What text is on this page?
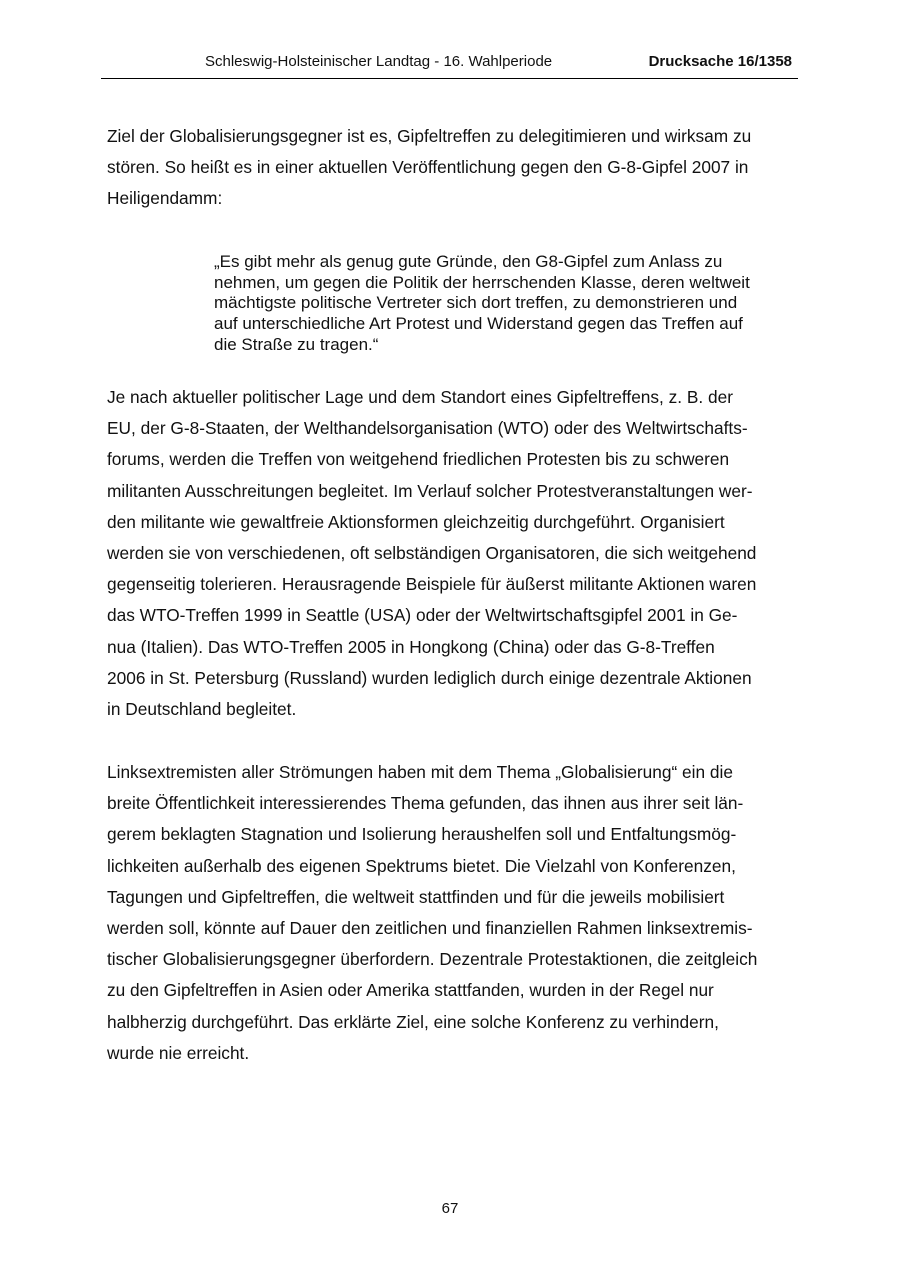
Schleswig-Holsteinischer Landtag - 16. Wahlperiode	Drucksache 16/1358

Ziel der Globalisierungsgegner ist es, Gipfeltreffen zu delegitimieren und wirksam zu
stören. So heißt es in einer aktuellen Veröffentlichung gegen den G-8-Gipfel 2007 in
Heiligendamm:

„Es gibt mehr als genug gute Gründe, den G8-Gipfel zum Anlass zu
nehmen, um gegen die Politik der herrschenden Klasse, deren weltweit
mächtigste politische Vertreter sich dort treffen, zu demonstrieren und
auf unterschiedliche Art Protest und Widerstand gegen das Treffen auf
die Straße zu tragen.“

Je nach aktueller politischer Lage und dem Standort eines Gipfeltreffens, z. B. der
EU, der G-8-Staaten, der Welthandelsorganisation (WTO) oder des Weltwirtschafts-
forums, werden die Treffen von weitgehend friedlichen Protesten bis zu schweren
militanten Ausschreitungen begleitet. Im Verlauf solcher Protestveranstaltungen wer-
den militante wie gewaltfreie Aktionsformen gleichzeitig durchgeführt. Organisiert
werden sie von verschiedenen, oft selbständigen Organisatoren, die sich weitgehend
gegenseitig tolerieren. Herausragende Beispiele für äußerst militante Aktionen waren
das WTO-Treffen 1999 in Seattle (USA) oder der Weltwirtschaftsgipfel 2001 in Ge-
nua (Italien). Das WTO-Treffen 2005 in Hongkong (China) oder das G-8-Treffen
2006 in St. Petersburg (Russland) wurden lediglich durch einige dezentrale Aktionen
in Deutschland begleitet.

Linksextremisten aller Strömungen haben mit dem Thema „Globalisierung“ ein die
breite Öffentlichkeit interessierendes Thema gefunden, das ihnen aus ihrer seit län-
gerem beklagten Stagnation und Isolierung heraushelfen soll und Entfaltungsmög-
lichkeiten außerhalb des eigenen Spektrums bietet. Die Vielzahl von Konferenzen,
Tagungen und Gipfeltreffen, die weltweit stattfinden und für die jeweils mobilisiert
werden soll, könnte auf Dauer den zeitlichen und finanziellen Rahmen linksextremis-
tischer Globalisierungsgegner überfordern. Dezentrale Protestaktionen, die zeitgleich
zu den Gipfeltreffen in Asien oder Amerika stattfanden, wurden in der Regel nur
halbherzig durchgeführt. Das erklärte Ziel, eine solche Konferenz zu verhindern,
wurde nie erreicht.

67
